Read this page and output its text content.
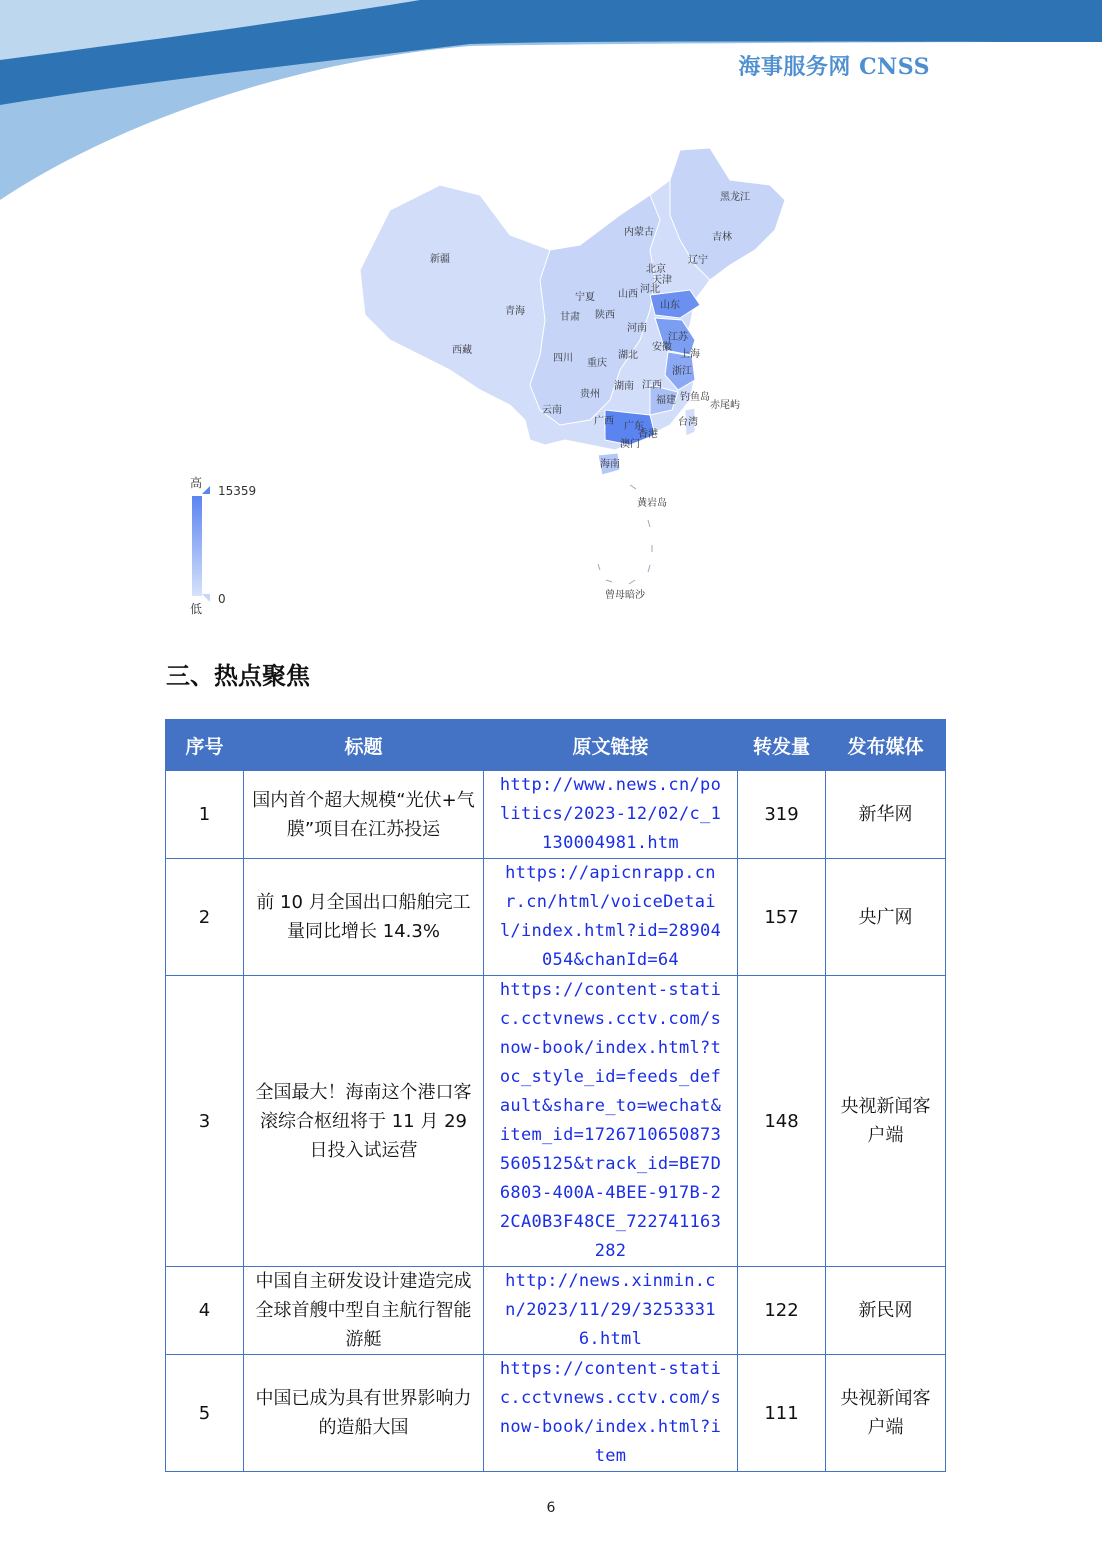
海事服务网 CNSS
黑龙江
吉林
辽宁
内蒙古
北京
天津
河北
新疆
宁夏 山西
山东
青海
甘肃 陕西
河南
江苏
西藏	安徽
上海
四川 重庆
湖北
浙江
贵州
湖南 江西
福建 钓鱼岛
赤尾屿
云南
广西 广东	台湾
香港
澳门
海南
黄岩岛
曾母暗沙
高
15359
0
低
三、热点聚焦
序号	标题	原文链接	转发量	发布媒体
1	国内首个超大规模“光伏+气膜”项目在江苏投运	http://www.news.cn/politics/2023-12/02/c_1130004981.htm	319	新华网
2	前 10 月全国出口船舶完工量同比增长 14.3%	https://apicnrapp.cnr.cn/html/voiceDetail/index.html?id=28904054&chanId=64	157	央广网
3	全国最大！海南这个港口客滚综合枢纽将于 11 月 29 日投入试运营	https://content-static.cctvnews.cctv.com/snow-book/index.html?toc_style_id=feeds_default&share_to=wechat&item_id=17267106508735605125&track_id=BE7D6803-400A-4BEE-917B-22CA0B3F48CE_722741163282	148	央视新闻客户端
4	中国自主研发设计建造完成全球首艘中型自主航行智能游艇	http://news.xinmin.cn/2023/11/29/32533316.html	122	新民网
5	中国已成为具有世界影响力的造船大国	https://content-static.cctvnews.cctv.com/snow-book/index.html?item	111	央视新闻客户端
6
